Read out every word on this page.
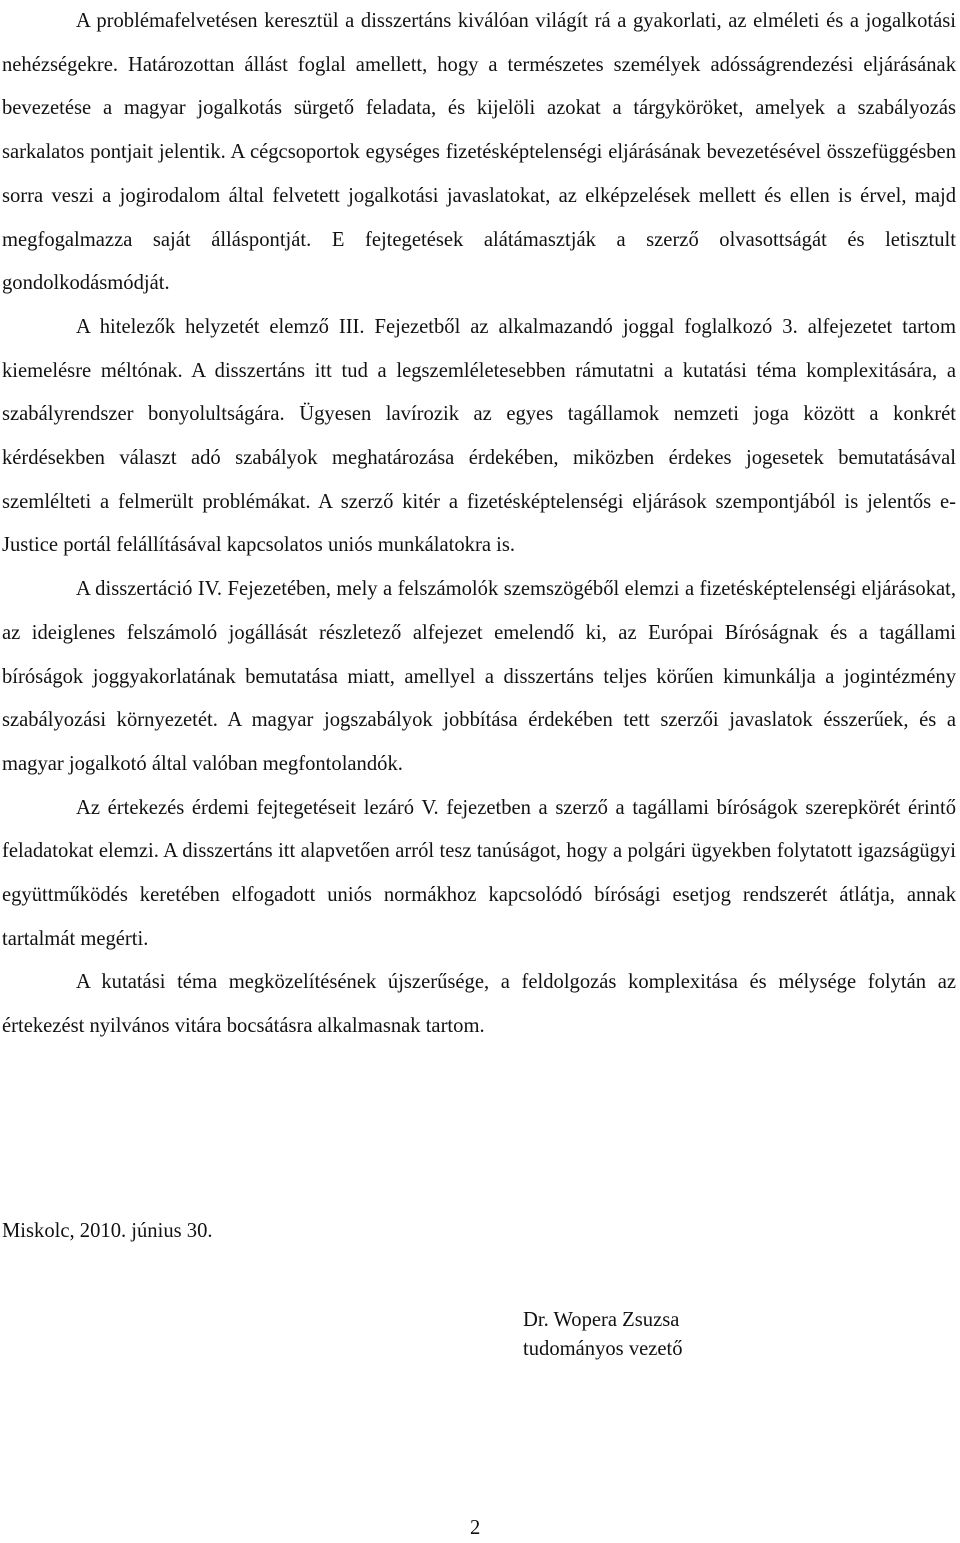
A problémafelvetésen keresztül a disszertáns kiválóan világít rá a gyakorlati, az elméleti és a jogalkotási nehézségekre. Határozottan állást foglal amellett, hogy a természetes személyek adósságrendezési eljárásának bevezetése a magyar jogalkotás sürgető feladata, és kijelöli azokat a tárgyköröket, amelyek a szabályozás sarkalatos pontjait jelentik. A cégcsoportok egységes fizetésképtelenségi eljárásának bevezetésével összefüggésben sorra veszi a jogirodalom által felvetett jogalkotási javaslatokat, az elképzelések mellett és ellen is érvel, majd megfogalmazza saját álláspontját. E fejtegetések alátámasztják a szerző olvasottságát és letisztult gondolkodásmódját.

A hitelezők helyzetét elemző III. Fejezetből az alkalmazandó joggal foglalkozó 3. alfejezetet tartom kiemelésre méltónak. A disszertáns itt tud a legszemléletesebben rámutatni a kutatási téma komplexitására, a szabályrendszer bonyolultságára. Ügyesen lavírozik az egyes tagállamok nemzeti joga között a konkrét kérdésekben választ adó szabályok meghatározása érdekében, miközben érdekes jogesetek bemutatásával szemlélteti a felmerült problémákat. A szerző kitér a fizetésképtelenségi eljárások szempontjából is jelentős e-Justice portál felállításával kapcsolatos uniós munkálatokra is.

A disszertáció IV. Fejezetében, mely a felszámolók szemszögéből elemzi a fizetésképtelenségi eljárásokat, az ideiglenes felszámoló jogállását részletező alfejezet emelendő ki, az Európai Bíróságnak és a tagállami bíróságok joggyakorlatának bemutatása miatt, amellyel a disszertáns teljes körűen kimunkálja a jogintézmény szabályozási környezetét. A magyar jogszabályok jobbítása érdekében tett szerzői javaslatok ésszerűek, és a magyar jogalkotó által valóban megfontolandók.

Az értekezés érdemi fejtegetéseit lezáró V. fejezetben a szerző a tagállami bíróságok szerepkörét érintő feladatokat elemzi. A disszertáns itt alapvetően arról tesz tanúságot, hogy a polgári ügyekben folytatott igazságügyi együttműködés keretében elfogadott uniós normákhoz kapcsolódó bírósági esetjog rendszerét átlátja, annak tartalmát megérti.

A kutatási téma megközelítésének újszerűsége, a feldolgozás komplexitása és mélysége folytán az értekezést nyilvános vitára bocsátásra alkalmasnak tartom.

Miskolc, 2010. június 30.
Dr. Wopera Zsuzsa
tudományos vezető
2
